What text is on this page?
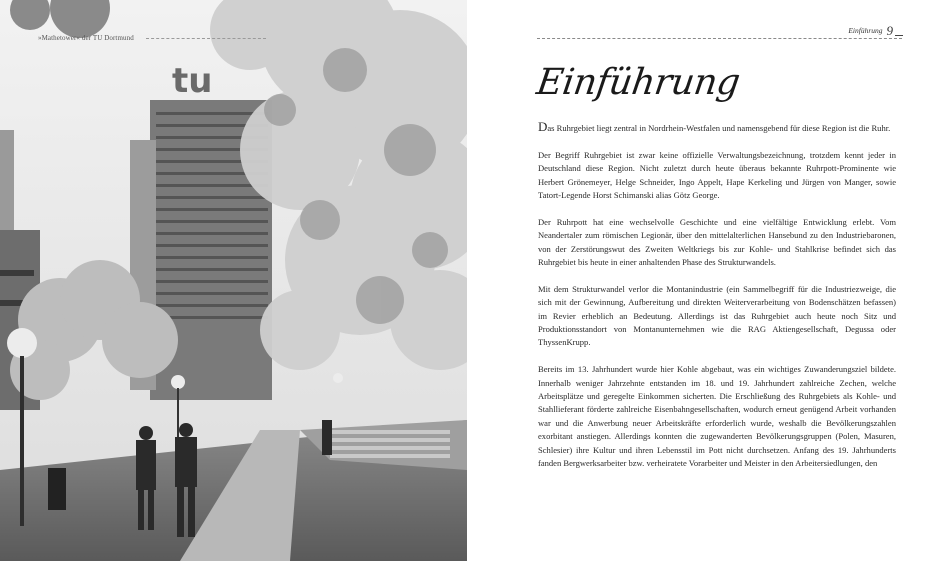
tu
»Mathetower« der TU Dortmund
Einführung 9
Einführung

Das Ruhrgebiet liegt zentral in Nordrhein-Westfalen und namensgebend für diese Region ist die Ruhr.

Der Begriff Ruhrgebiet ist zwar keine offizielle Verwaltungsbezeichnung, trotzdem kennt jeder in Deutschland diese Region. Nicht zuletzt durch heute überaus bekannte Ruhrpott-Prominente wie Herbert Grönemeyer, Helge Schneider, Ingo Appelt, Hape Kerkeling und Jürgen von Manger, sowie Tatort-Legende Horst Schimanski alias Götz George.

Der Ruhrpott hat eine wechselvolle Geschichte und eine vielfältige Entwicklung erlebt. Vom Neandertaler zum römischen Legionär, über den mittelalterlichen Hansebund zu den Industriebaronen, von der Zerstörungswut des Zweiten Weltkriegs bis zur Kohle- und Stahlkrise befindet sich das Ruhrgebiet bis heute in einer anhaltenden Phase des Strukturwandels.

Mit dem Strukturwandel verlor die Montanindustrie (ein Sammelbegriff für die Industriezweige, die sich mit der Gewinnung, Aufbereitung und direkten Weiterverarbeitung von Bodenschätzen befassen) im Revier erheblich an Bedeutung. Allerdings ist das Ruhrgebiet auch heute noch Sitz und Produktionsstandort von Montanunternehmen wie die RAG Aktiengesellschaft, Degussa oder ThyssenKrupp.

Bereits im 13. Jahrhundert wurde hier Kohle abgebaut, was ein wichtiges Zuwanderungsziel bildete. Innerhalb weniger Jahrzehnte entstanden im 18. und 19. Jahrhundert zahlreiche Zechen, welche Arbeitsplätze und geregelte Einkommen sicherten. Die Erschließung des Ruhrgebiets als Kohle- und Stahllieferant förderte zahlreiche Eisenbahngesellschaften, wodurch erneut genügend Arbeit vorhanden war und die Anwerbung neuer Arbeitskräfte erforderlich wurde, weshalb die Bevölkerungszahlen exorbitant anstiegen. Allerdings konnten die zugewanderten Bevölkerungsgruppen (Polen, Masuren, Schlesier) ihre Kultur und ihren Lebensstil im Pott nicht durchsetzen. Anfang des 19. Jahrhunderts fanden Bergwerksarbeiter bzw. verheiratete Vorarbeiter und Meister in den Arbeitersiedlungen, den
